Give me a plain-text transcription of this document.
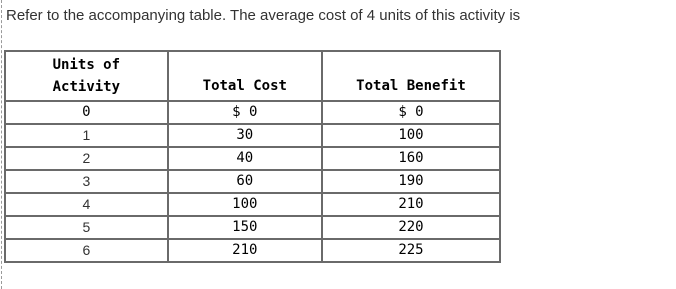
Refer to the accompanying table. The average cost of 4 units of this activity is
Units of
Activity	Total Cost	Total Benefit
0	$ 0	$ 0
1	30	100
2	40	160
3	60	190
4	100	210
5	150	220
6	210	225
